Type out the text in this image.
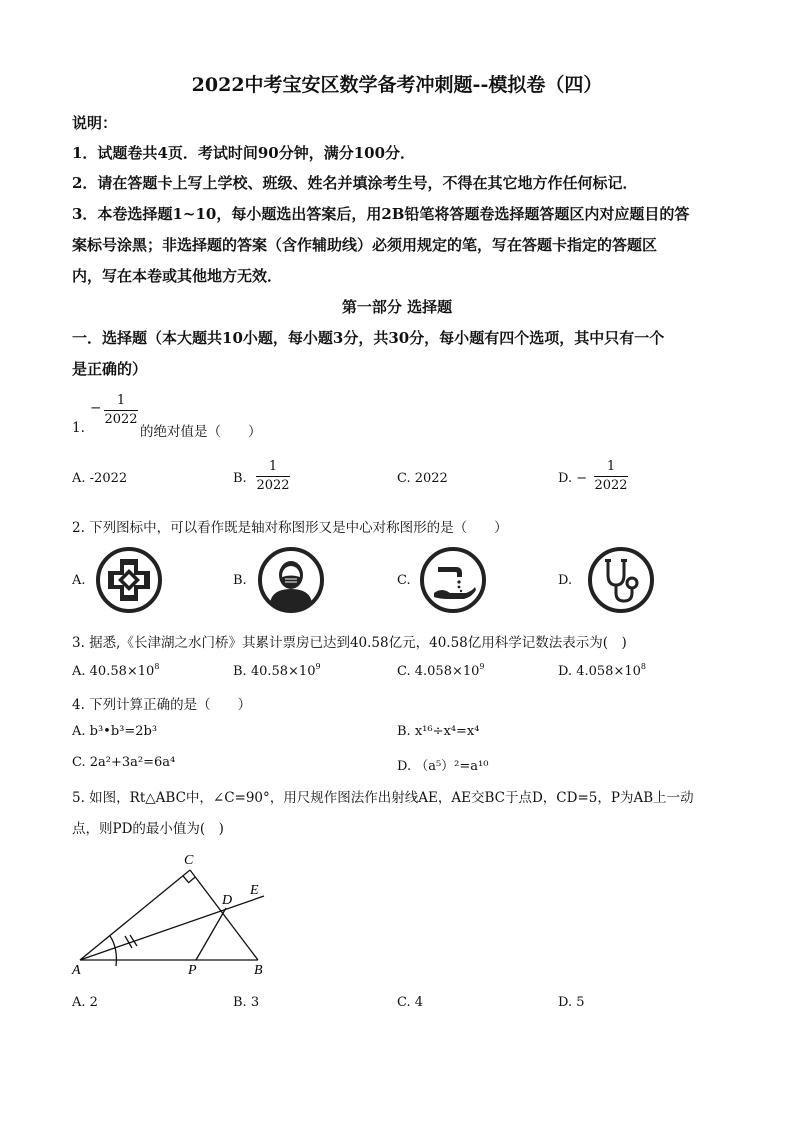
2022中考宝安区数学备考冲刺题--模拟卷（四）
说明：
1．试题卷共4页．考试时间90分钟，满分100分．
2．请在答题卡上写上学校、班级、姓名并填涂考生号，不得在其它地方作任何标记．
3．本卷选择题1~10，每小题选出答案后，用2B铅笔将答题卷选择题答题区内对应题目的答
案标号涂黑；非选择题的答案（含作辅助线）必须用规定的笔，写在答题卡指定的答题区
内，写在本卷或其他地方无效．
第一部分 选择题
一．选择题（本大题共10小题，每小题3分，共30分，每小题有四个选项，其中只有一个
是正确的）
1.
−	1
2022
的绝对值是（　　）
A. -2022	B.
1
2022	C. 2022	D. −
1
2022
2. 下列图标中，可以看作既是轴对称图形又是中心对称图形的是（　　）
A.	B.	C.	D.
3. 据悉,《长津湖之水门桥》其累计票房已达到40.58亿元，40.58亿用科学记数法表示为(　)
A. $40.58\times 10^8$	B. $40.58\times 10^9$	C. $4.058\times 10^9$	D. $4.058\times 10^8$
4. 下列计算正确的是（　　）
A. b³•b³=2b³	B. x¹⁶÷x⁴=x⁴
C. 2a²+3a²=6a⁴	D. （a⁵）²=a¹⁰
5. 如图，Rt△ABC中，∠C=90°，用尺规作图法作出射线AE，AE交BC于点D，CD=5，P为AB上一动
点，则PD的最小值为(　)
C
D
E
A	P	B
A. 2	B. 3	C. 4	D. 5
